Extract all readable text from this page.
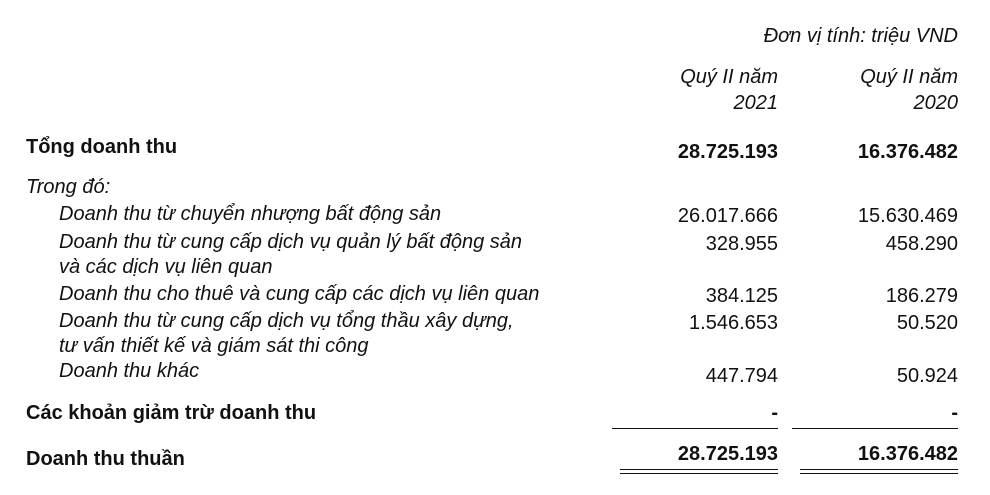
Đơn vị tính: triệu VND
Quý II năm
2021
Quý II năm
2020
Tổng doanh thu	28.725.193	16.376.482
Trong đó:
Doanh thu từ chuyển nhượng bất động sản	26.017.666	15.630.469
Doanh thu từ cung cấp dịch vụ quản lý bất động sản
và các dịch vụ liên quan
328.955	458.290
Doanh thu cho thuê và cung cấp các dịch vụ liên quan	384.125	186.279
Doanh thu từ cung cấp dịch vụ tổng thầu xây dựng,
tư vấn thiết kế và giám sát thi công
1.546.653	50.520
Doanh thu khác	447.794	50.924
Các khoản giảm trừ doanh thu	-	-
Doanh thu thuần	28.725.193	16.376.482
